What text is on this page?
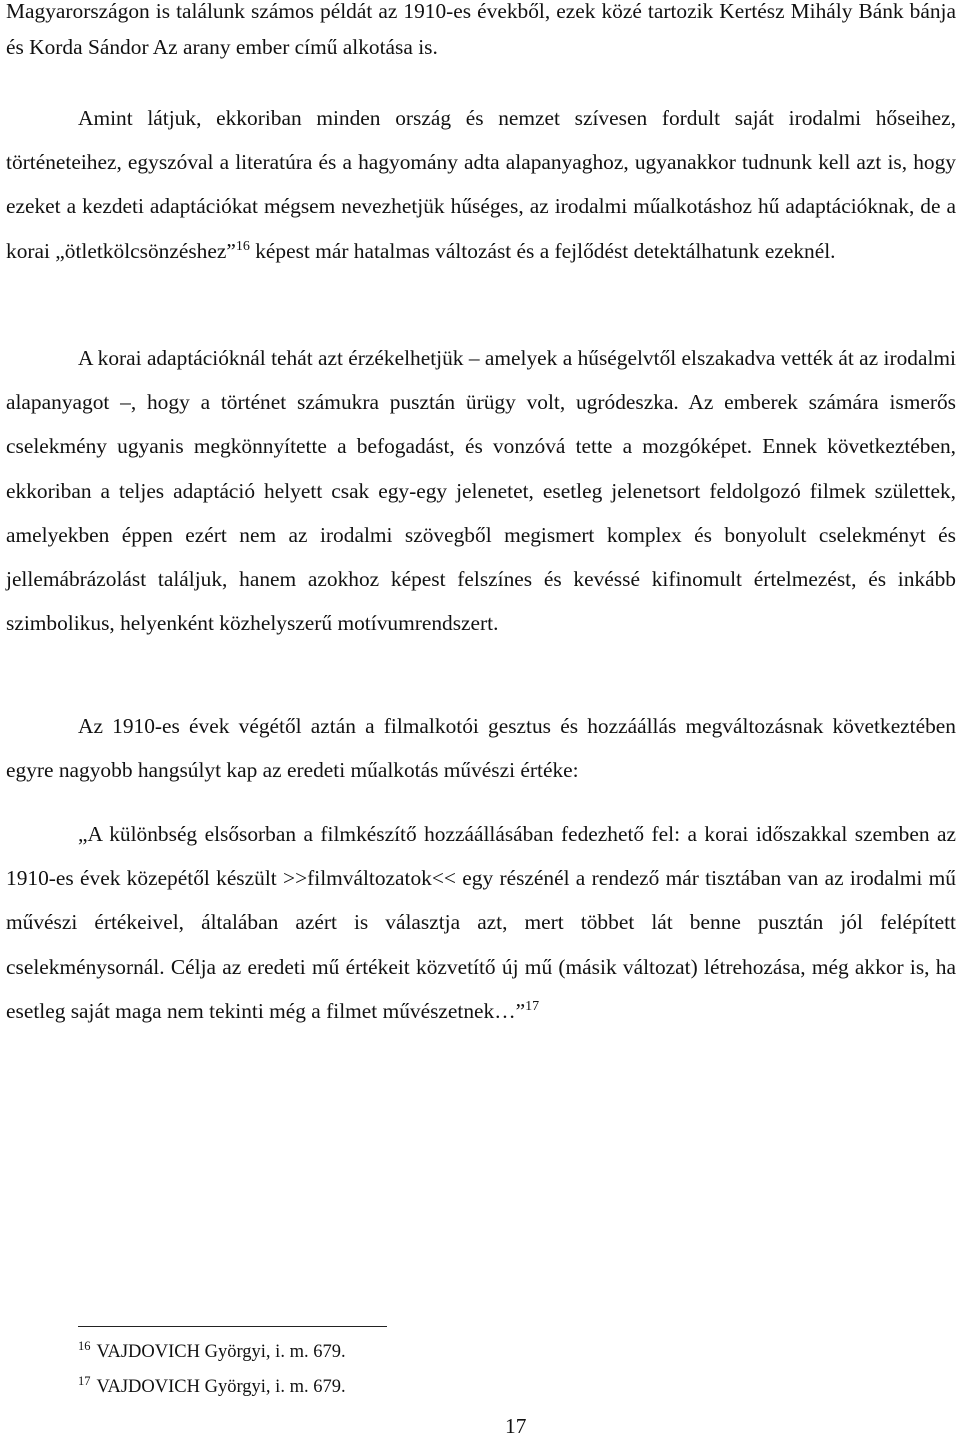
Magyarországon is találunk számos példát az 1910-es évekből, ezek közé tartozik Kertész Mihály Bánk bánja és Korda Sándor Az arany ember című alkotása is.

Amint látjuk, ekkoriban minden ország és nemzet szívesen fordult saját irodalmi hőseihez, történeteihez, egyszóval a literatúra és a hagyomány adta alapanyaghoz, ugyanakkor tudnunk kell azt is, hogy ezeket a kezdeti adaptációkat mégsem nevezhetjük hűséges, az irodalmi műalkotáshoz hű adaptációknak, de a korai „ötletkölcsönzéshez”$^{16}$ képest már hatalmas változást és a fejlődést detektálhatunk ezeknél.

A korai adaptációknál tehát azt érzékelhetjük – amelyek a hűségelvtől elszakadva vették át az irodalmi alapanyagot –, hogy a történet számukra pusztán ürügy volt, ugródeszka. Az emberek számára ismerős cselekmény ugyanis megkönnyítette a befogadást, és vonzóvá tette a mozgóképet. Ennek következtében, ekkoriban a teljes adaptáció helyett csak egy-egy jelenetet, esetleg jelenetsort feldolgozó filmek születtek, amelyekben éppen ezért nem az irodalmi szövegből megismert komplex és bonyolult cselekményt és jellemábrázolást találjuk, hanem azokhoz képest felszínes és kevéssé kifinomult értelmezést, és inkább szimbolikus, helyenként közhelyszerű motívumrendszert.

Az 1910-es évek végétől aztán a filmalkotói gesztus és hozzáállás megváltozásnak következtében egyre nagyobb hangsúlyt kap az eredeti műalkotás művészi értéke:

„A különbség elsősorban a filmkészítő hozzáállásában fedezhető fel: a korai időszakkal szemben az 1910-es évek közepétől készült >>filmváltozatok<< egy részénél a rendező már tisztában van az irodalmi mű művészi értékeivel, általában azért is választja azt, mert többet lát benne pusztán jól felépített cselekménysornál. Célja az eredeti mű értékeit közvetítő új mű (másik változat) létrehozása, még akkor is, ha esetleg saját maga nem tekinti még a filmet művészetnek…”$^{17}$

$^{16}$ VAJDOVICH Györgyi, i. m. 679.
$^{17}$ VAJDOVICH Györgyi, i. m. 679.
17
